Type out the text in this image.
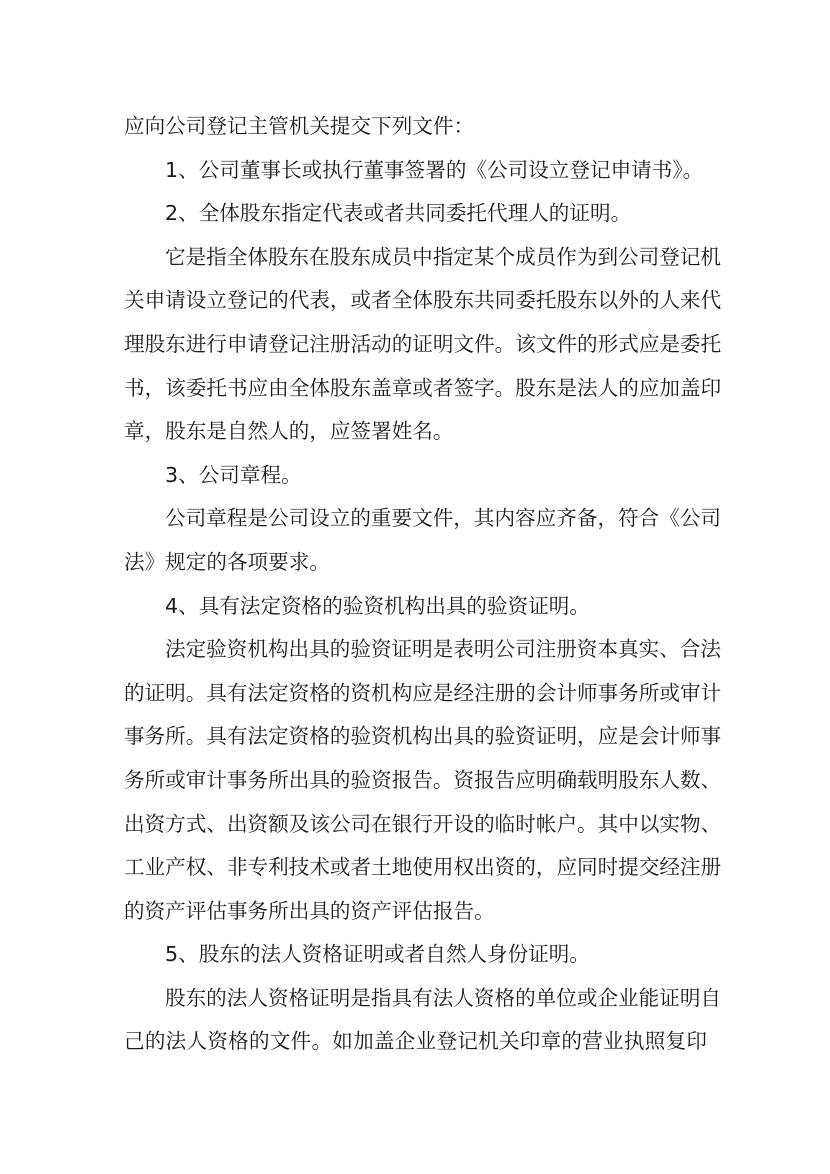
应向公司登记主管机关提交下列文件：
1、公司董事长或执行董事签署的《公司设立登记申请书》。
2、全体股东指定代表或者共同委托代理人的证明。
它是指全体股东在股东成员中指定某个成员作为到公司登记机
关申请设立登记的代表，或者全体股东共同委托股东以外的人来代
理股东进行申请登记注册活动的证明文件。该文件的形式应是委托
书，该委托书应由全体股东盖章或者签字。股东是法人的应加盖印
章，股东是自然人的，应签署姓名。
3、公司章程。
公司章程是公司设立的重要文件，其内容应齐备，符合《公司
法》规定的各项要求。
4、具有法定资格的验资机构出具的验资证明。
法定验资机构出具的验资证明是表明公司注册资本真实、合法
的证明。具有法定资格的资机构应是经注册的会计师事务所或审计
事务所。具有法定资格的验资机构出具的验资证明，应是会计师事
务所或审计事务所出具的验资报告。资报告应明确载明股东人数、
出资方式、出资额及该公司在银行开设的临时帐户。其中以实物、
工业产权、非专利技术或者土地使用权出资的，应同时提交经注册
的资产评估事务所出具的资产评估报告。
5、股东的法人资格证明或者自然人身份证明。
股东的法人资格证明是指具有法人资格的单位或企业能证明自
己的法人资格的文件。如加盖企业登记机关印章的营业执照复印
